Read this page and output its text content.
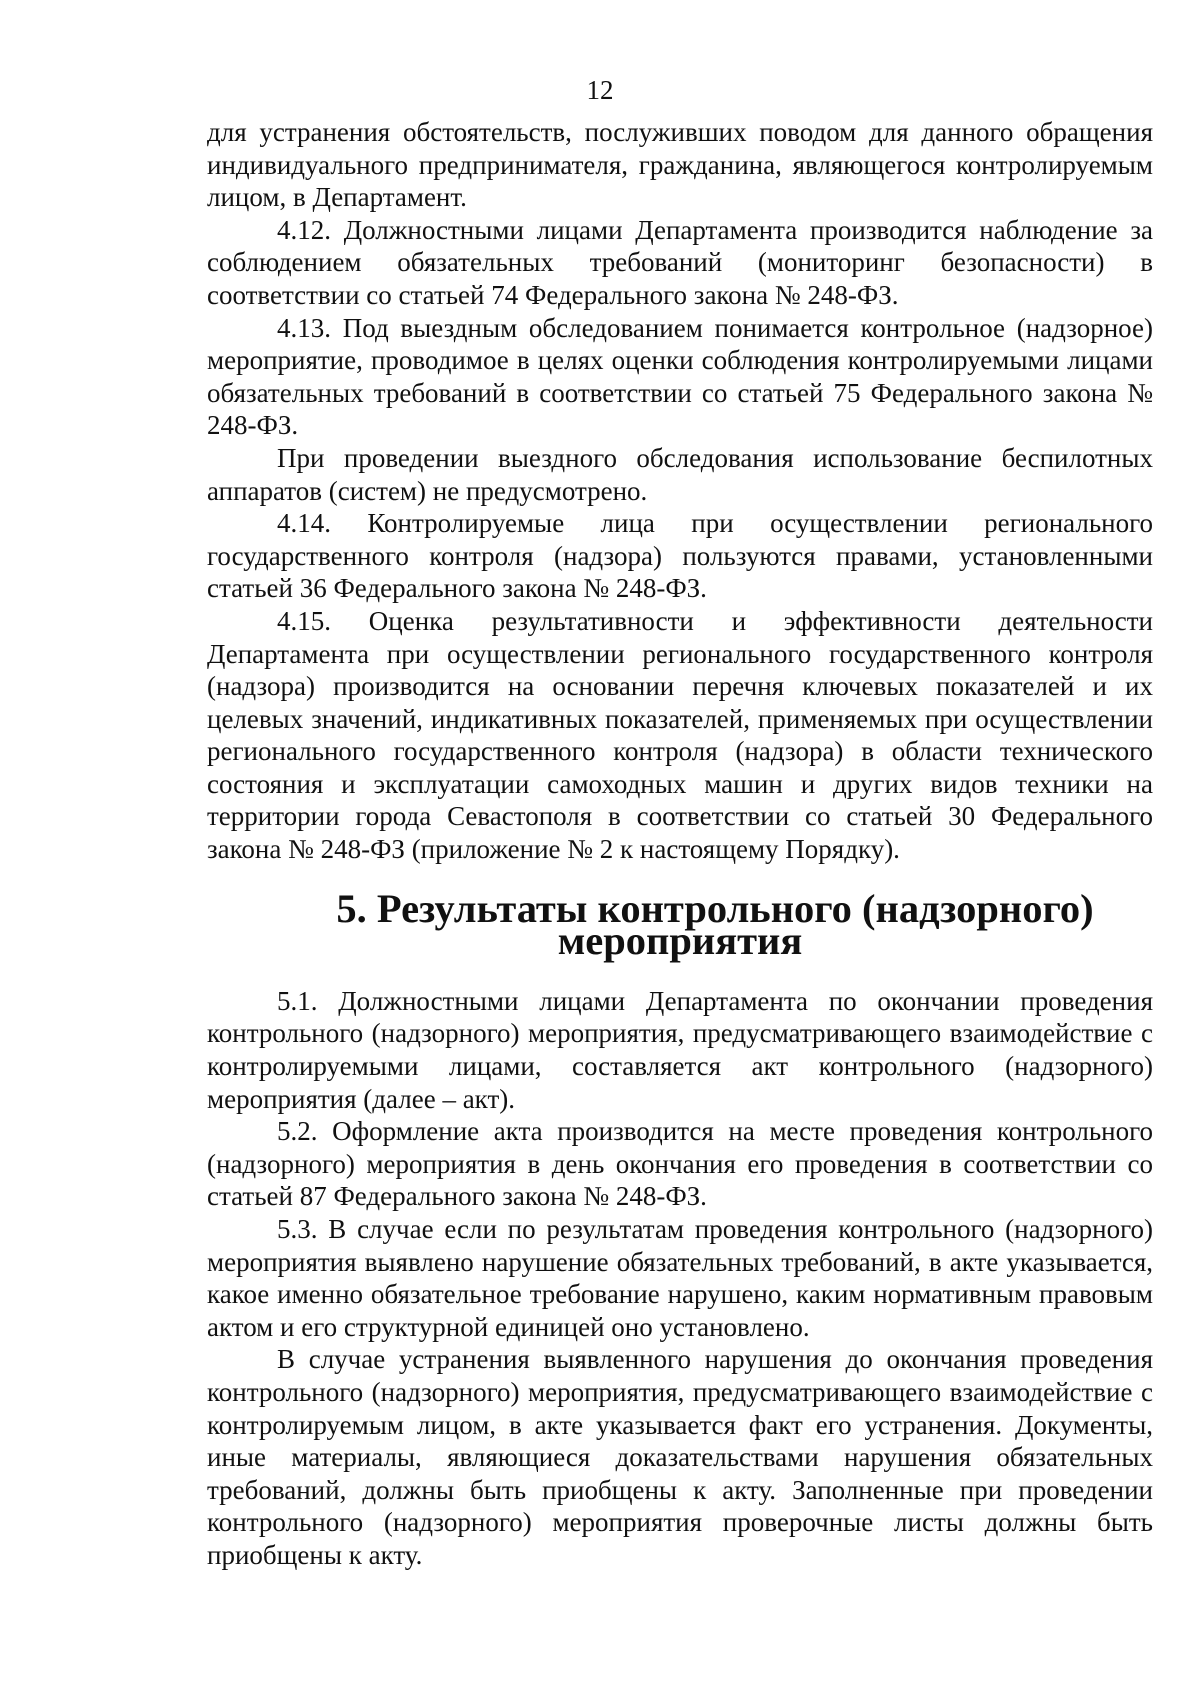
12

для устранения обстоятельств, послуживших поводом для данного обращения индивидуального предпринимателя, гражданина, являющегося контролируемым лицом, в Департамент.

4.12. Должностными лицами Департамента производится наблюдение за соблюдением обязательных требований (мониторинг безопасности) в соответствии со статьей 74 Федерального закона № 248-ФЗ.

4.13. Под выездным обследованием понимается контрольное (надзорное) мероприятие, проводимое в целях оценки соблюдения контролируемыми лицами обязательных требований в соответствии со статьей 75 Федерального закона № 248-ФЗ.

При проведении выездного обследования использование беспилотных аппаратов (систем) не предусмотрено.

4.14. Контролируемые лица при осуществлении регионального государственного контроля (надзора) пользуются правами, установленными статьей 36 Федерального закона № 248-ФЗ.

4.15. Оценка результативности и эффективности деятельности Департамента при осуществлении регионального государственного контроля (надзора) производится на основании перечня ключевых показателей и их целевых значений, индикативных показателей, применяемых при осуществлении регионального государственного контроля (надзора) в области технического состояния и эксплуатации самоходных машин и других видов техники на территории города Севастополя в соответствии со статьей 30 Федерального закона № 248-ФЗ (приложение № 2 к настоящему Порядку).

5. Результаты контрольного (надзорного) мероприятия

5.1. Должностными лицами Департамента по окончании проведения контрольного (надзорного) мероприятия, предусматривающего взаимодействие с контролируемыми лицами, составляется акт контрольного (надзорного) мероприятия (далее – акт).

5.2. Оформление акта производится на месте проведения контрольного (надзорного) мероприятия в день окончания его проведения в соответствии со статьей 87 Федерального закона № 248-ФЗ.

5.3. В случае если по результатам проведения контрольного (надзорного) мероприятия выявлено нарушение обязательных требований, в акте указывается, какое именно обязательное требование нарушено, каким нормативным правовым актом и его структурной единицей оно установлено.

В случае устранения выявленного нарушения до окончания проведения контрольного (надзорного) мероприятия, предусматривающего взаимодействие с контролируемым лицом, в акте указывается факт его устранения. Документы, иные материалы, являющиеся доказательствами нарушения обязательных требований, должны быть приобщены к акту. Заполненные при проведении контрольного (надзорного) мероприятия проверочные листы должны быть приобщены к акту.
